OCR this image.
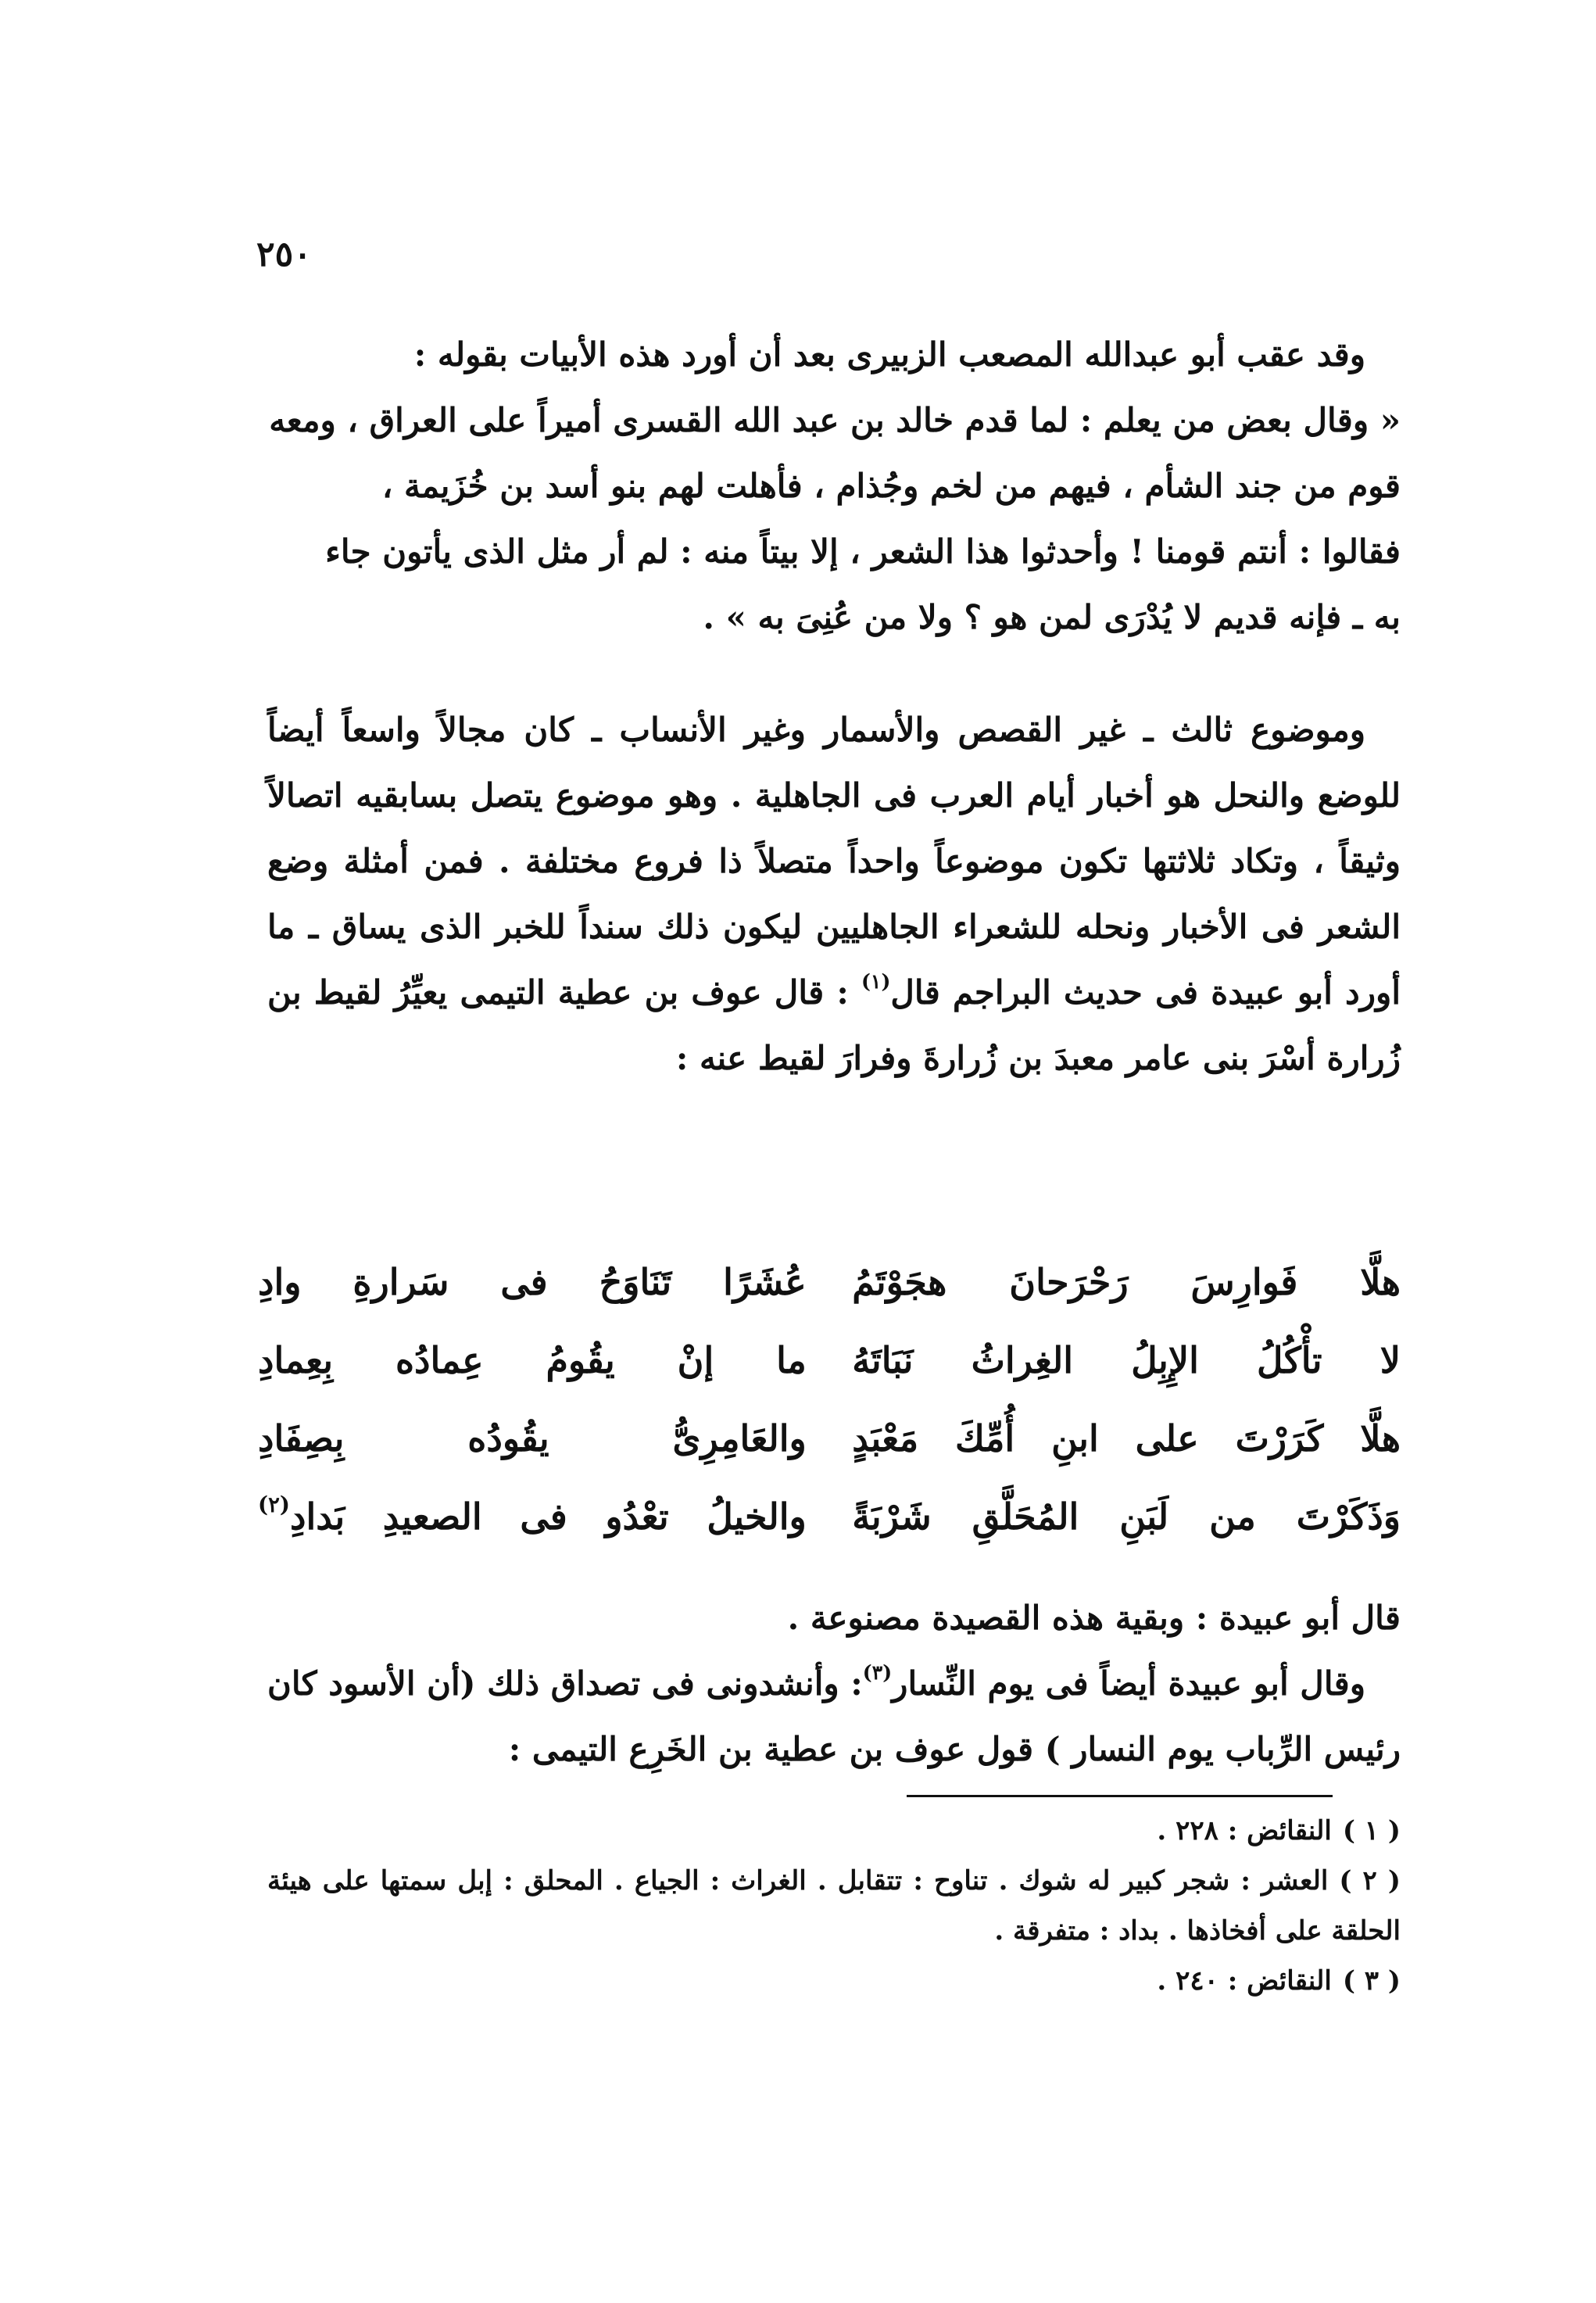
٢٥٠

وقد عقب أبو عبدالله المصعب الزبيرى بعد أن أورد هذه الأبيات بقوله :

« وقال بعض من يعلم : لما قدم خالد بن عبد الله القسرى أميراً على العراق ، ومعه

قوم من جند الشأم ، فيهم من لخم وجُذام ، فأهلت لهم بنو أسد بن خُزَيمة ،

فقالوا : أنتم قومنا ! وأحدثوا هذا الشعر ، إلا بيتاً منه : لم أر مثل الذى يأتون جاء

به ـ فإنه قديم لا يُدْرَى لمن هو ؟ ولا من عُنِىَ به » .

وموضوع ثالث ـ غير القصص والأسمار وغير الأنساب ـ كان مجالاً واسعاً أيضاً للوضع والنحل هو أخبار أيام العرب فى الجاهلية . وهو موضوع يتصل بسابقيه اتصالاً وثيقاً ، وتكاد ثلاثتها تكون موضوعاً واحداً متصلاً ذا فروع مختلفة . فمن أمثلة وضع الشعر فى الأخبار ونحله للشعراء الجاهليين ليكون ذلك سنداً للخبر الذى يساق ـ ما أورد أبو عبيدة فى حديث البراجم قال$^{(١)}$ : قال عوف بن عطية التيمى يعيِّرُ لقيط بن زُرارة أسْرَ بنى عامر معبدَ بن زُرارةَ وفرارَ لقيط عنه :

هلَّا فَوارِسَ رَحْرَحانَ هجَوْتَمُ
عُشَرًا تَنَاوَحُ فى سَرارةِ وادِ
لا تأْكُلُ الإِبِلُ الغِراثُ نَبَاتَهُ
ما إنْ يقُومُ عِمادُه بِعِمادِ
هلَّا كَرَرْتَ على ابنِ أُمِّكَ مَعْبَدٍ
والعَامِرِىُّ يقُودُه بِصِفَادِ
وَذَكَرْتَ من لَبَنِ المُحَلَّقِ شَرْبَةً
والخيلُ تعْدُو فى الصعيدِ بَدادِ$^{(٢)}$

قال أبو عبيدة : وبقية هذه القصيدة مصنوعة .

وقال أبو عبيدة أيضاً فى يوم النِّسار$^{(٣)}$: وأنشدونى فى تصداق ذلك (أن الأسود كان رئيس الرِّباب يوم النسار ) قول عوف بن عطية بن الخَرِع التيمى :

( ١ )النقائض : ٢٢٨ .

( ٢ )العشر : شجر كبير له شوك . تناوح : تتقابل . الغراث : الجياع . المحلق : إبل سمتها على هيئة الحلقة على أفخاذها . بداد : متفرقة .

( ٣ )النقائض : ٢٤٠ .
